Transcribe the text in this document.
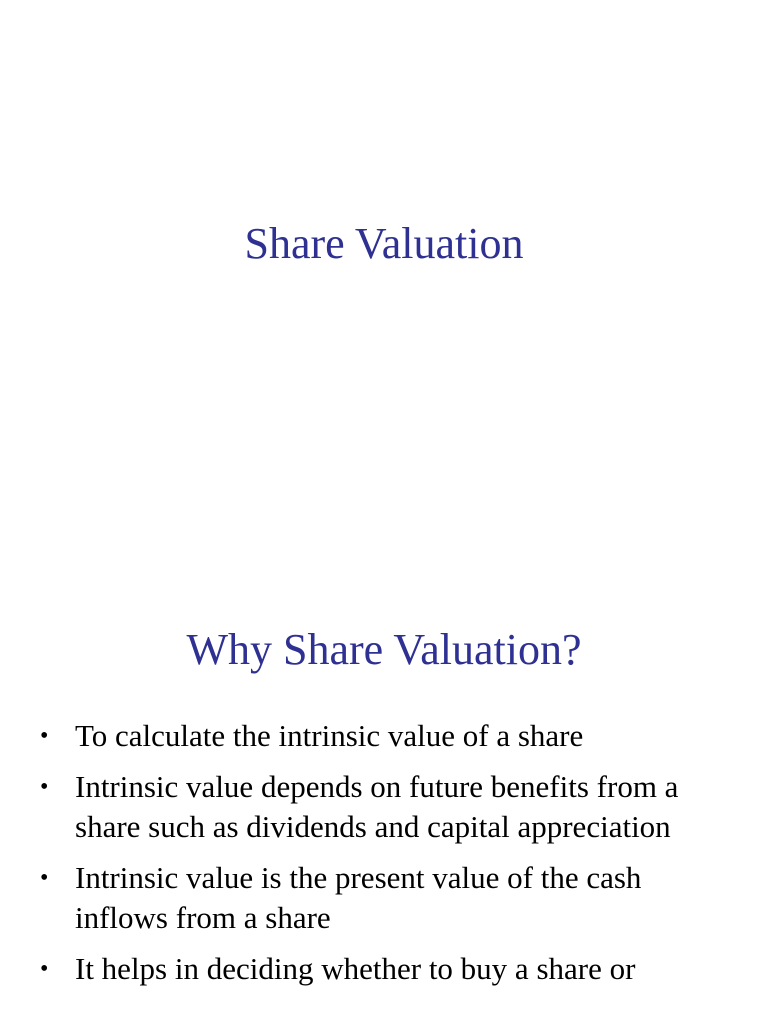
Share Valuation
Why Share Valuation?
• To calculate the intrinsic value of a share
• Intrinsic value depends on future benefits from a share such as dividends and capital appreciation
• Intrinsic value is the present value of the cash inflows from a share
• It helps in deciding whether to buy a share or
